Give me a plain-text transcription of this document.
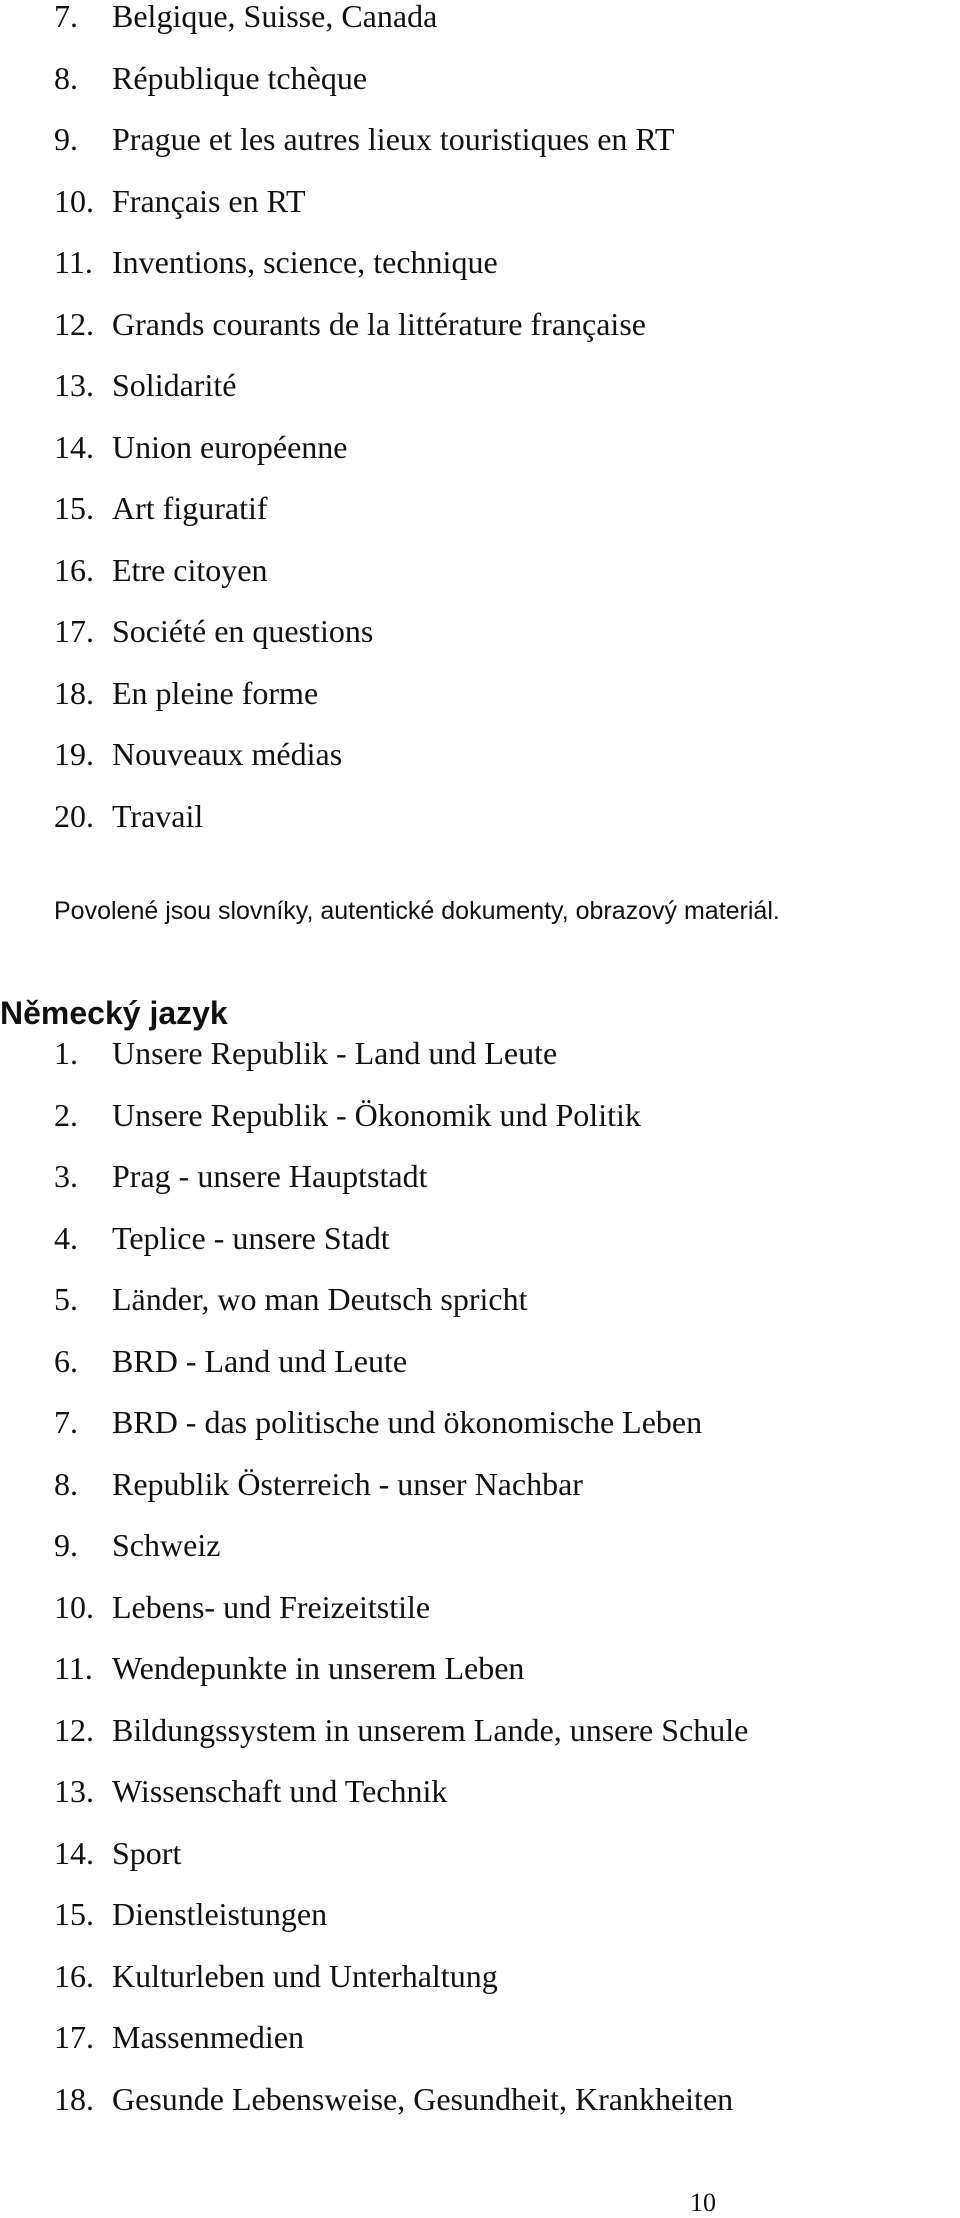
7. Belgique, Suisse, Canada
8. République tchèque
9. Prague et les autres lieux touristiques en RT
10. Français en RT
11. Inventions, science, technique
12. Grands courants de la littérature française
13. Solidarité
14. Union européenne
15. Art figuratif
16. Etre citoyen
17. Société en questions
18. En pleine forme
19. Nouveaux médias
20. Travail

Povolené jsou slovníky, autentické dokumenty, obrazový materiál.

Německý jazyk
1. Unsere Republik - Land und Leute
2. Unsere Republik - Ökonomik und Politik
3. Prag - unsere Hauptstadt
4. Teplice - unsere Stadt
5. Länder, wo man Deutsch spricht
6. BRD - Land und Leute
7. BRD - das politische und ökonomische Leben
8. Republik Österreich - unser Nachbar
9. Schweiz
10. Lebens- und Freizeitstile
11. Wendepunkte in unserem Leben
12. Bildungssystem in unserem Lande, unsere Schule
13. Wissenschaft und Technik
14. Sport
15. Dienstleistungen
16. Kulturleben und Unterhaltung
17. Massenmedien
18. Gesunde Lebensweise, Gesundheit, Krankheiten
10
